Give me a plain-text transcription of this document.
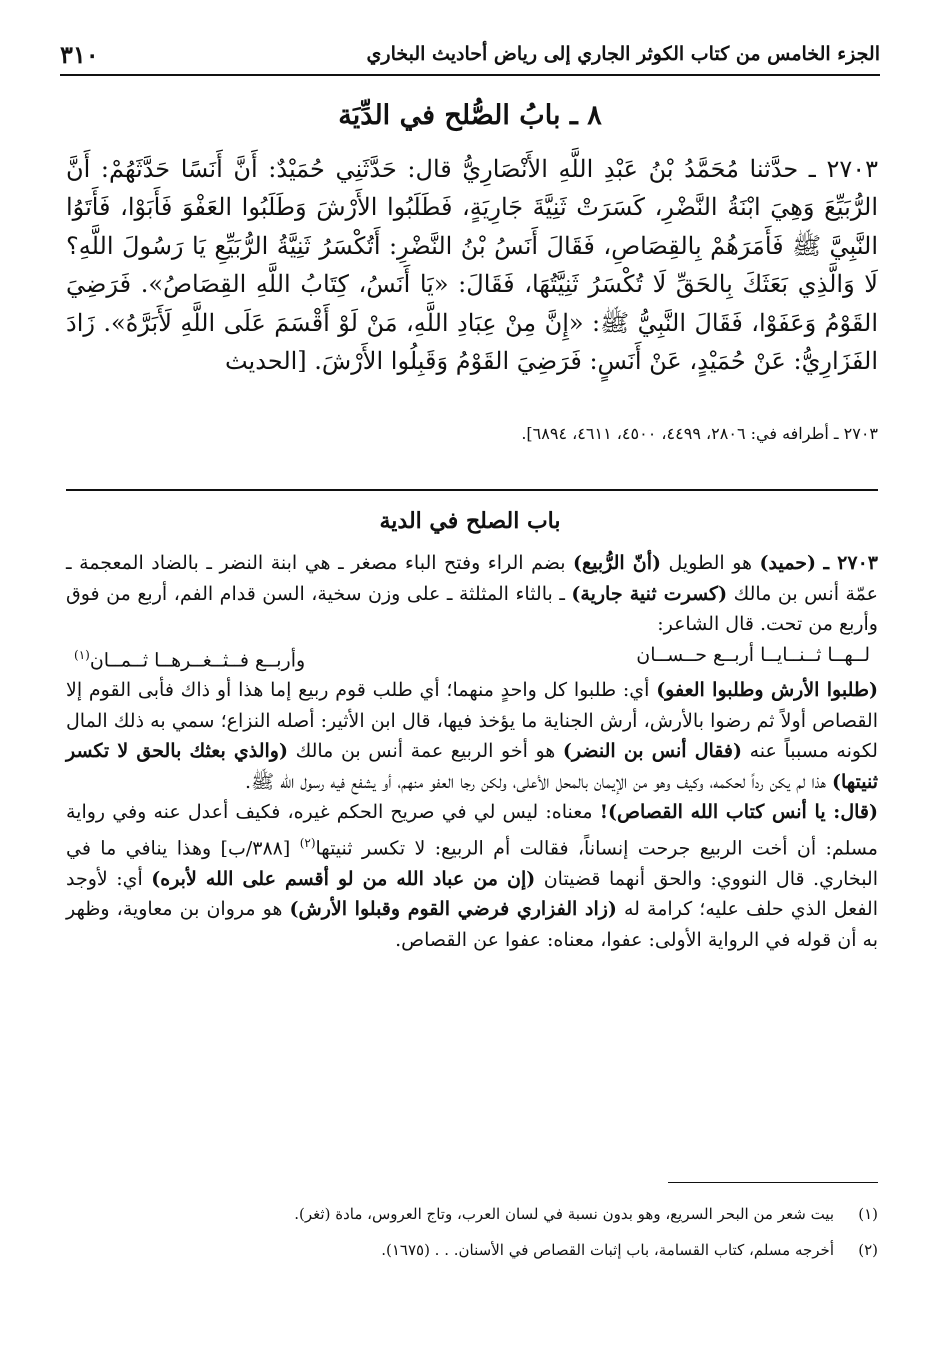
الجزء الخامس من كتاب الكوثر الجاري إلى رياض أحاديث البخاري
٣١٠
٨ ـ بابُ الصُّلح في الدِّيَة
٢٧٠٣ ـ حدَّثنا مُحَمَّدُ بْنُ عَبْدِ اللَّهِ الأَنْصَارِيُّ قال: حَدَّثَنِي حُمَيْدٌ: أَنَّ أَنَسًا حَدَّثَهُمْ: أَنَّ الرُّبَيِّعَ وَهِيَ ابْنَةُ النَّضْرِ، كَسَرَتْ ثَنِيَّةَ جَارِيَةٍ، فَطَلَبُوا الأَرْشَ وَطَلَبُوا العَفْوَ فَأَبَوْا، فَأَتَوُا النَّبِيَّ ﷺ فَأَمَرَهُمْ بِالقِصَاصِ، فَقَالَ أَنَسُ بْنُ النَّضْرِ: أَتُكْسَرُ ثَنِيَّةُ الرُّبَيِّعِ يَا رَسُولَ اللَّهِ؟ لَا وَالَّذِي بَعَثَكَ بِالحَقِّ لَا تُكْسَرُ ثَنِيَّتُهَا، فَقَالَ: «يَا أَنَسُ، كِتَابُ اللَّهِ القِصَاصُ». فَرَضِيَ القَوْمُ وَعَفَوْا، فَقَالَ النَّبِيُّ ﷺ: «إِنَّ مِنْ عِبَادِ اللَّهِ، مَنْ لَوْ أَقْسَمَ عَلَى اللَّهِ لَأَبَرَّهُ». زَادَ الفَزَارِيُّ: عَنْ حُمَيْدٍ، عَنْ أَنَسٍ: فَرَضِيَ القَوْمُ وَقَبِلُوا الأَرْشَ. [الحديث
٢٧٠٣ ـ أطرافه في: ٢٨٠٦، ٤٤٩٩، ٤٥٠٠، ٤٦١١، ٦٨٩٤].
باب الصلح في الدية

٢٧٠٣ ـ (حميد) هو الطويل (أنّ الرُّبيع) بضم الراء وفتح الباء مصغر ـ هي ابنة النضر ـ بالضاد المعجمة ـ عمّة أنس بن مالك (كسرت ثنية جارية) ـ بالثاء المثلثة ـ على وزن سخية، السن قدام الفم، أربع من فوق وأربع من تحت. قال الشاعر:

لــهــا ثــنــايــا أربــع حــســان
وأربــع فــثــغــرهــا ثــمــان$^{(١)}$

(طلبوا الأرش وطلبوا العفو) أي: طلبوا كل واحدٍ منهما؛ أي طلب قوم ربيع إما هذا أو ذاك فأبى القوم إلا القصاص أولاً ثم رضوا بالأرش، أرش الجناية ما يؤخذ فيها، قال ابن الأثير: أصله النزاع؛ سمي به ذلك المال لكونه مسبباً عنه (فقال أنس بن النضر) هو أخو الربيع عمة أنس بن مالك (والذي بعثك بالحق لا تكسر ثنيتها) هذا لم يكن رداً لحكمه، وكيف وهو من الإيمان بالمحل الأعلى، ولكن رجا العفو منهم، أو يشفع فيه رسول الله ﷺ.

(قال: يا أنس كتاب الله القصاص)! معناه: ليس لي في صريح الحكم غيره، فكيف أعدل عنه وفي رواية مسلم: أن أخت الربيع جرحت إنساناً، فقالت أم الربيع: لا تكسر ثنيتها$^{(٢)}$ [٣٨٨/ب] وهذا ينافي ما في البخاري. قال النووي: والحق أنهما قضيتان (إن من عباد الله من لو أقسم على الله لأبره) أي: لأوجد الفعل الذي حلف عليه؛ كرامة له (زاد الفزاري فرضي القوم وقبلوا الأرش) هو مروان بن معاوية، وظهر به أن قوله في الرواية الأولى: عفوا، معناه: عفوا عن القصاص.

(١)
بيت شعر من البحر السريع، وهو بدون نسبة في لسان العرب، وتاج العروس، مادة (ثغر).
(٢)
أخرجه مسلم، كتاب القسامة، باب إثبات القصاص في الأسنان. . . (١٦٧٥).
